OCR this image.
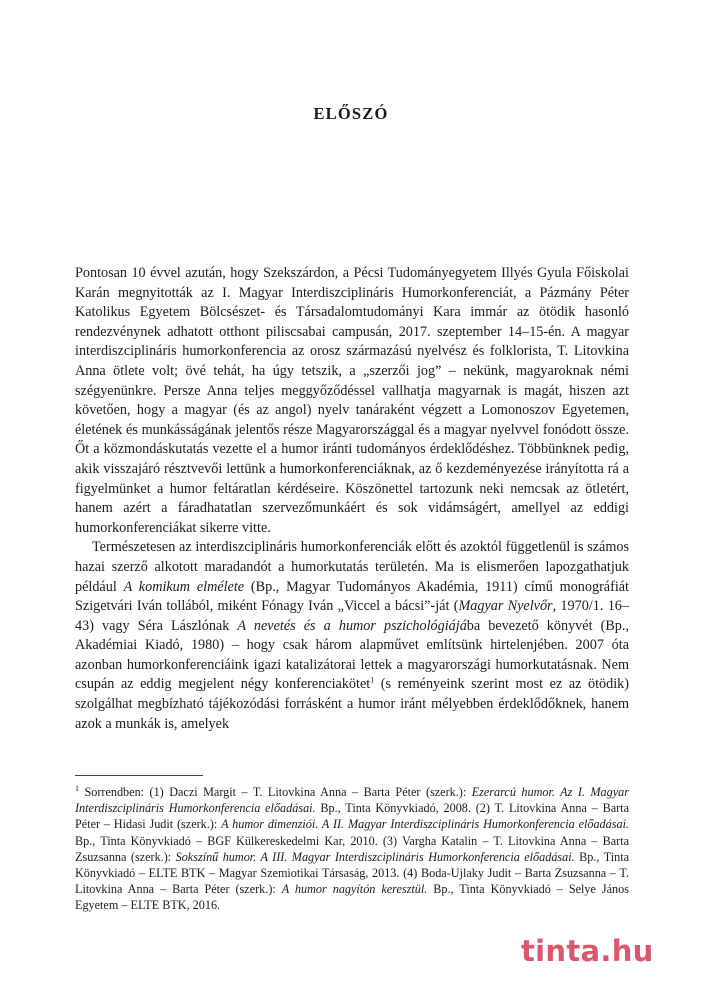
ELŐSZÓ

Pontosan 10 évvel azután, hogy Szekszárdon, a Pécsi Tudományegyetem Illyés Gyula Főiskolai Karán megnyitották az I. Magyar Interdiszciplináris Humorkonferenciát, a Pázmány Péter Katolikus Egyetem Bölcsészet- és Társadalomtudományi Kara immár az ötödik hasonló rendezvénynek adhatott otthont piliscsabai campusán, 2017. szeptember 14–15-én. A magyar interdiszciplináris humorkonferencia az orosz származású nyelvész és folklorista, T. Litovkina Anna ötlete volt; övé tehát, ha úgy tetszik, a „szerzői jog” – nekünk, magyaroknak némi szégyenünkre. Persze Anna teljes meggyőződéssel vallhatja magyarnak is magát, hiszen azt követően, hogy a magyar (és az angol) nyelv tanáraként végzett a Lomonoszov Egyetemen, életének és munkásságának jelentős része Magyarországgal és a magyar nyelvvel fonódott össze. Őt a közmondáskutatás vezette el a humor iránti tudományos érdeklődéshez. Többünknek pedig, akik visszajáró résztvevői lettünk a humorkonferenciáknak, az ő kezdeményezése irányította rá a figyelmünket a humor feltáratlan kérdéseire. Köszönettel tartozunk neki nemcsak az ötletért, hanem azért a fáradhatatlan szervezőmunkáért és sok vidámságért, amellyel az eddigi humorkonferenciákat sikerre vitte.

Természetesen az interdiszciplináris humorkonferenciák előtt és azoktól függetlenül is számos hazai szerző alkotott maradandót a humorkutatás területén. Ma is elismerően lapozgathatjuk például A komikum elmélete (Bp., Magyar Tudományos Akadémia, 1911) című monográfiát Szigetvári Iván tollából, miként Fónagy Iván „Viccel a bácsi”-ját (Magyar Nyelvőr, 1970/1. 16–43) vagy Séra Lászlónak A nevetés és a humor pszichológiájába bevezető könyvét (Bp., Akadémiai Kiadó, 1980) – hogy csak három alapművet említsünk hirtelenjében. 2007 óta azonban humorkonferenciáink igazi katalizátorai lettek a magyarországi humorkutatásnak. Nem csupán az eddig megjelent négy konferenciakötet$^1$ (s reményeink szerint most ez az ötödik) szolgálhat megbízható tájékozódási forrásként a humor iránt mélyebben érdeklődőknek, hanem azok a munkák is, amelyek

$^1$ Sorrendben: (1) Daczi Margit – T. Litovkina Anna – Barta Péter (szerk.): Ezerarcú humor. Az I. Magyar Interdiszciplináris Humorkonferencia előadásai. Bp., Tinta Könyvkiadó, 2008. (2) T. Litovkina Anna – Barta Péter – Hidasi Judit (szerk.): A humor dimenziói. A II. Magyar Interdiszciplináris Humorkonferencia előadásai. Bp., Tinta Könyvkiadó – BGF Külkereskedelmi Kar, 2010. (3) Vargha Katalin – T. Litovkina Anna – Barta Zsuzsanna (szerk.): Sokszínű humor. A III. Magyar Interdiszciplináris Humorkonferencia előadásai. Bp., Tinta Könyvkiadó – ELTE BTK – Magyar Szemiotikai Társaság, 2013. (4) Boda-Ujlaky Judit – Barta Zsuzsanna – T. Litovkina Anna – Barta Péter (szerk.): A humor nagyítón keresztül. Bp., Tinta Könyvkiadó – Selye János Egyetem – ELTE BTK, 2016.

tinta.hu
